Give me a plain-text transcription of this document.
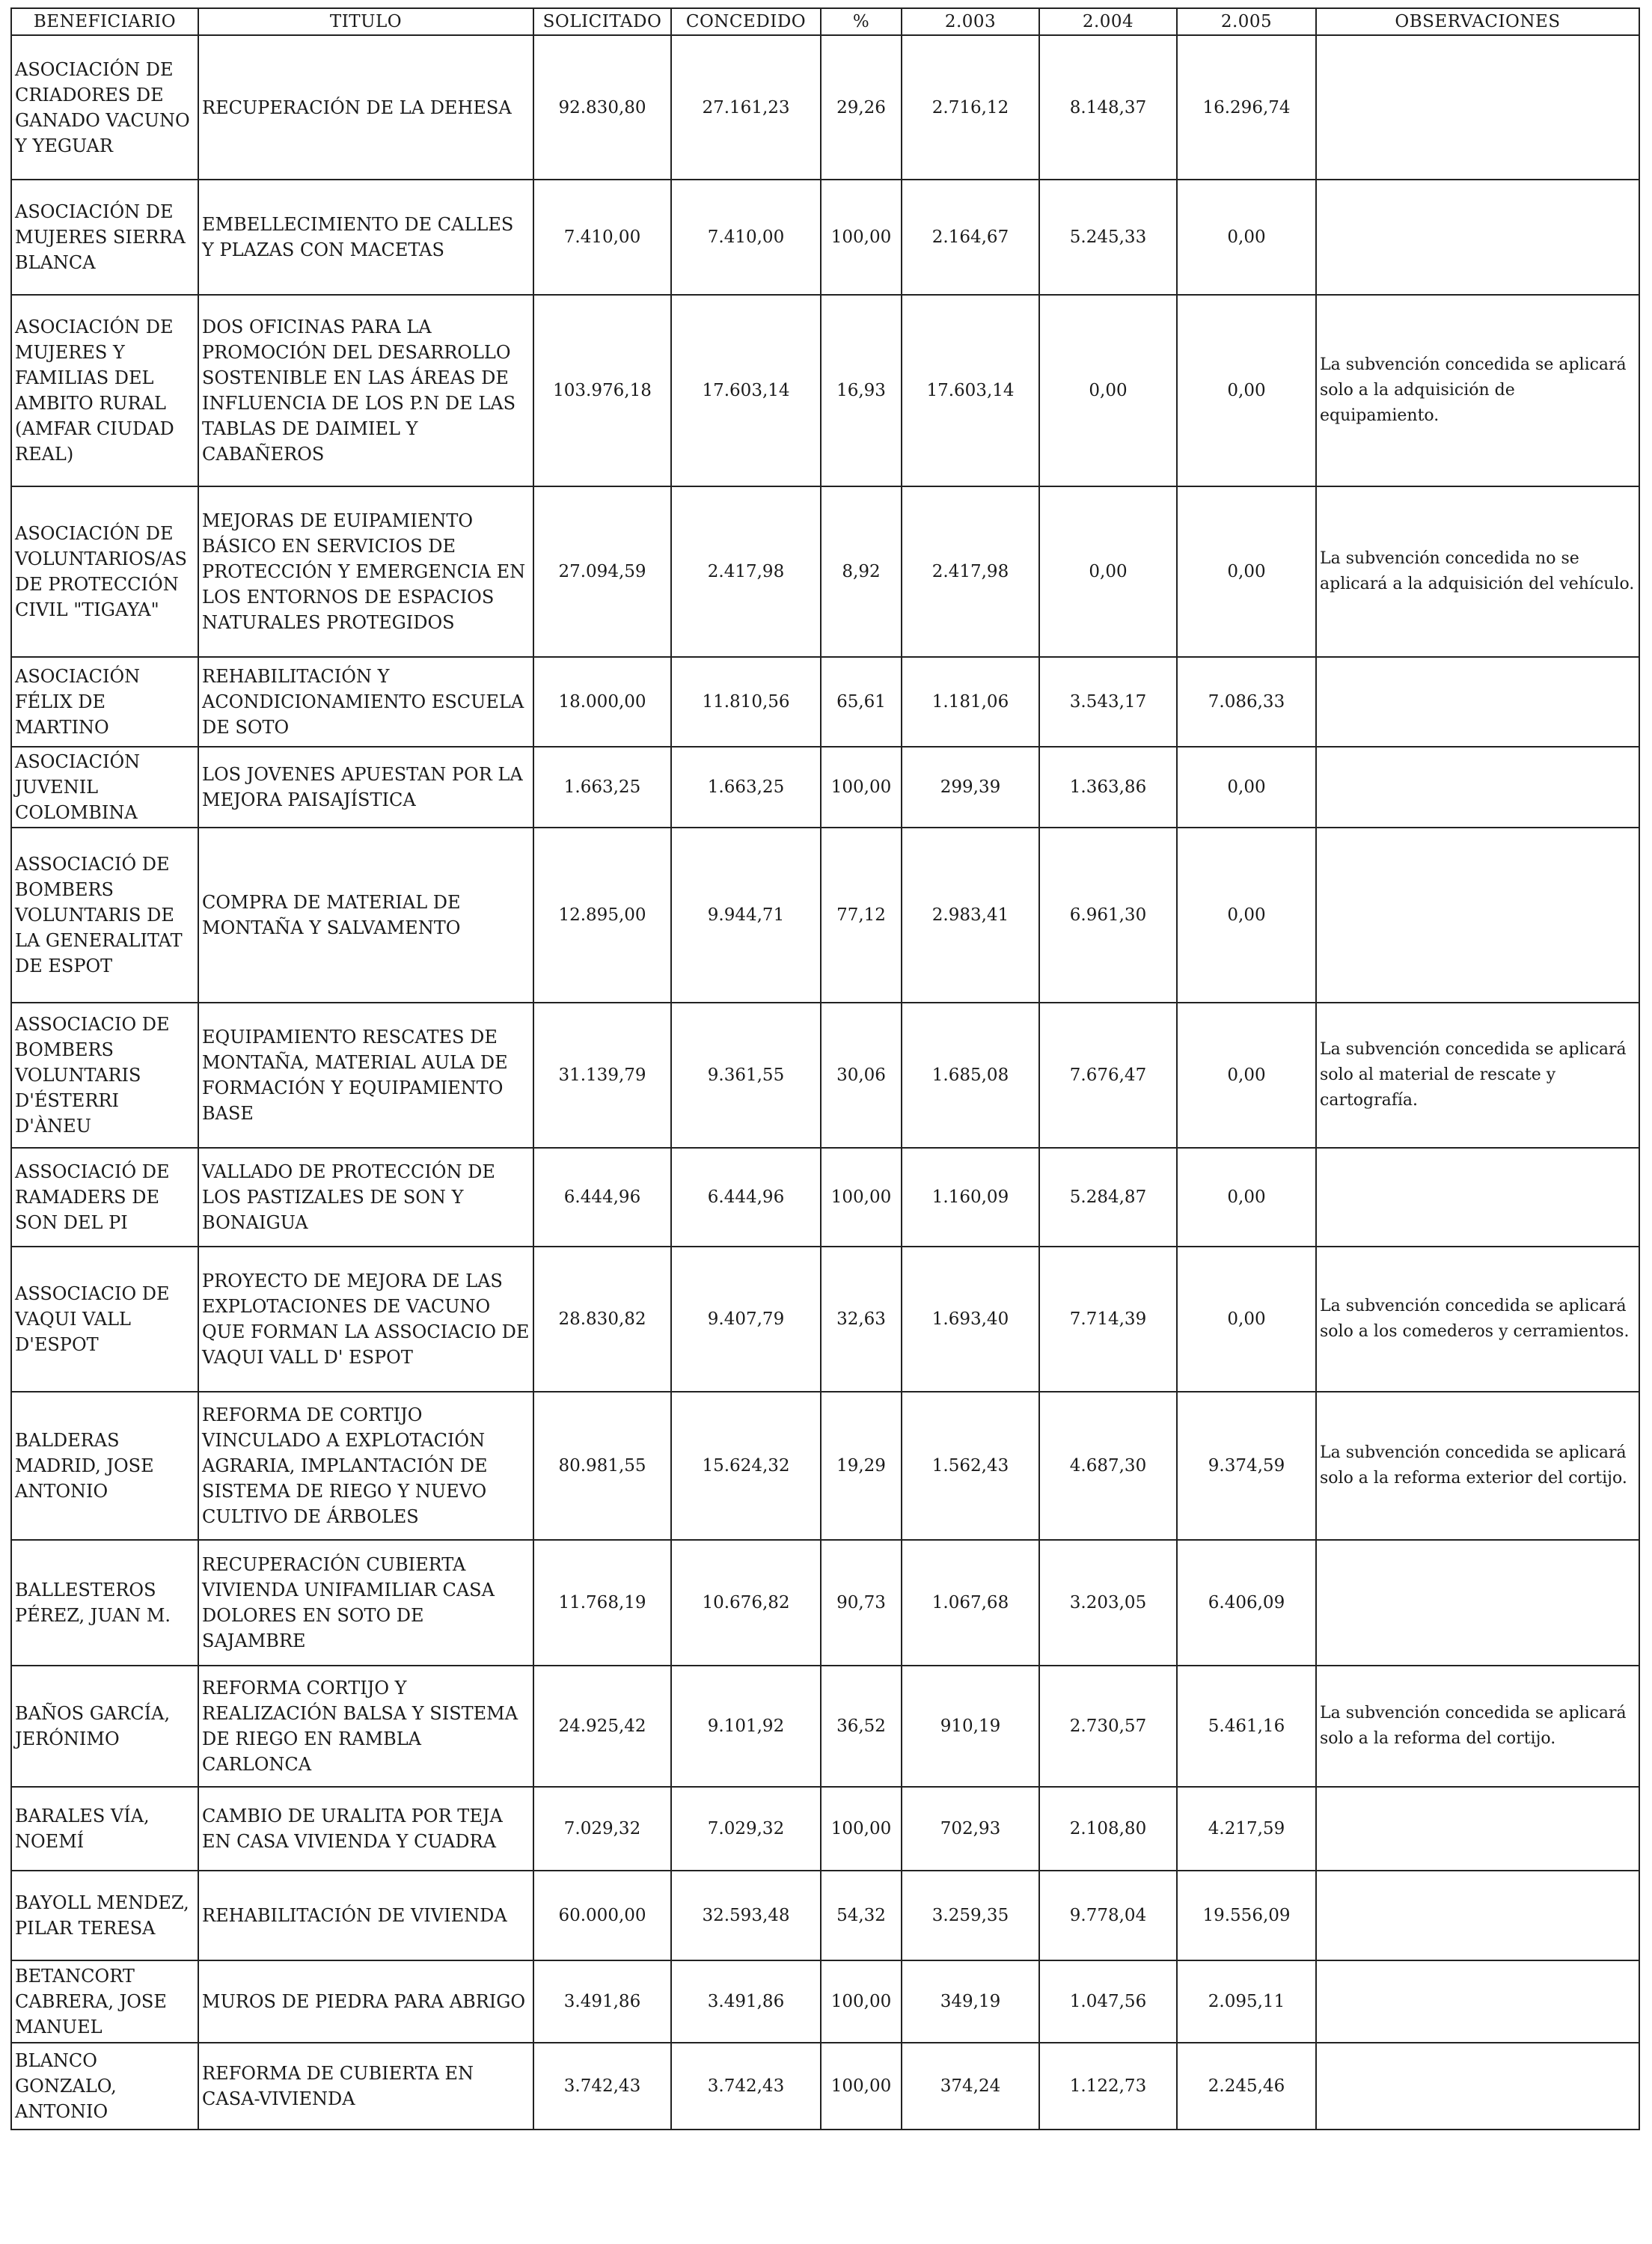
BENEFICIARIO	TITULO	SOLICITADO	CONCEDIDO	%	2.003	2.004	2.005	OBSERVACIONES
ASOCIACIÓN DE CRIADORES DE GANADO VACUNO Y YEGUAR	RECUPERACIÓN DE LA DEHESA	92.830,80	27.161,23	29,26	2.716,12	8.148,37	16.296,74	
ASOCIACIÓN DE MUJERES SIERRA BLANCA	EMBELLECIMIENTO DE CALLES Y PLAZAS CON MACETAS	7.410,00	7.410,00	100,00	2.164,67	5.245,33	0,00	
ASOCIACIÓN DE MUJERES Y FAMILIAS DEL AMBITO RURAL (AMFAR CIUDAD REAL)	DOS OFICINAS PARA LA PROMOCIÓN DEL DESARROLLO SOSTENIBLE EN LAS ÁREAS DE INFLUENCIA DE LOS P.N DE LAS TABLAS DE DAIMIEL Y CABAÑEROS	103.976,18	17.603,14	16,93	17.603,14	0,00	0,00	La subvención concedida se aplicará solo a la adquisición de equipamiento.
ASOCIACIÓN DE VOLUNTARIOS/AS DE PROTECCIÓN CIVIL "TIGAYA"	MEJORAS DE EUIPAMIENTO BÁSICO EN SERVICIOS DE PROTECCIÓN Y EMERGENCIA EN LOS ENTORNOS DE ESPACIOS NATURALES PROTEGIDOS	27.094,59	2.417,98	8,92	2.417,98	0,00	0,00	La subvención concedida no se aplicará a la adquisición del vehículo.
ASOCIACIÓN FÉLIX DE MARTINO	REHABILITACIÓN Y ACONDICIONAMIENTO ESCUELA DE SOTO	18.000,00	11.810,56	65,61	1.181,06	3.543,17	7.086,33	
ASOCIACIÓN JUVENIL COLOMBINA	LOS JOVENES APUESTAN POR LA MEJORA PAISAJÍSTICA	1.663,25	1.663,25	100,00	299,39	1.363,86	0,00	
ASSOCIACIÓ DE BOMBERS VOLUNTARIS DE LA GENERALITAT DE ESPOT	COMPRA DE MATERIAL DE MONTAÑA Y SALVAMENTO	12.895,00	9.944,71	77,12	2.983,41	6.961,30	0,00	
ASSOCIACIO DE BOMBERS VOLUNTARIS D'ÉSTERRI D'ÀNEU	EQUIPAMIENTO RESCATES DE MONTAÑA, MATERIAL AULA DE FORMACIÓN Y EQUIPAMIENTO BASE	31.139,79	9.361,55	30,06	1.685,08	7.676,47	0,00	La subvención concedida se aplicará solo al material de rescate y cartografía.
ASSOCIACIÓ DE RAMADERS DE SON DEL PI	VALLADO DE PROTECCIÓN DE LOS PASTIZALES DE SON Y BONAIGUA	6.444,96	6.444,96	100,00	1.160,09	5.284,87	0,00	
ASSOCIACIO DE VAQUI VALL D'ESPOT	PROYECTO DE MEJORA DE LAS EXPLOTACIONES DE VACUNO QUE FORMAN LA ASSOCIACIO DE VAQUI VALL D' ESPOT	28.830,82	9.407,79	32,63	1.693,40	7.714,39	0,00	La subvención concedida se aplicará solo a los comederos y cerramientos.
BALDERAS MADRID, JOSE ANTONIO	REFORMA DE CORTIJO VINCULADO A EXPLOTACIÓN AGRARIA, IMPLANTACIÓN DE SISTEMA DE RIEGO Y NUEVO CULTIVO DE ÁRBOLES	80.981,55	15.624,32	19,29	1.562,43	4.687,30	9.374,59	La subvención concedida se aplicará solo a la reforma exterior del cortijo.
BALLESTEROS PÉREZ, JUAN M.	RECUPERACIÓN CUBIERTA VIVIENDA UNIFAMILIAR CASA DOLORES EN SOTO DE SAJAMBRE	11.768,19	10.676,82	90,73	1.067,68	3.203,05	6.406,09	
BAÑOS GARCÍA, JERÓNIMO	REFORMA CORTIJO Y REALIZACIÓN BALSA Y SISTEMA DE RIEGO EN RAMBLA CARLONCA	24.925,42	9.101,92	36,52	910,19	2.730,57	5.461,16	La subvención concedida se aplicará solo a la reforma del cortijo.
BARALES VÍA, NOEMÍ	CAMBIO DE URALITA POR TEJA EN CASA VIVIENDA Y CUADRA	7.029,32	7.029,32	100,00	702,93	2.108,80	4.217,59	
BAYOLL MENDEZ, PILAR TERESA	REHABILITACIÓN DE VIVIENDA	60.000,00	32.593,48	54,32	3.259,35	9.778,04	19.556,09	
BETANCORT CABRERA, JOSE MANUEL	MUROS DE PIEDRA PARA ABRIGO	3.491,86	3.491,86	100,00	349,19	1.047,56	2.095,11	
BLANCO GONZALO, ANTONIO	REFORMA DE CUBIERTA EN CASA-VIVIENDA	3.742,43	3.742,43	100,00	374,24	1.122,73	2.245,46	
